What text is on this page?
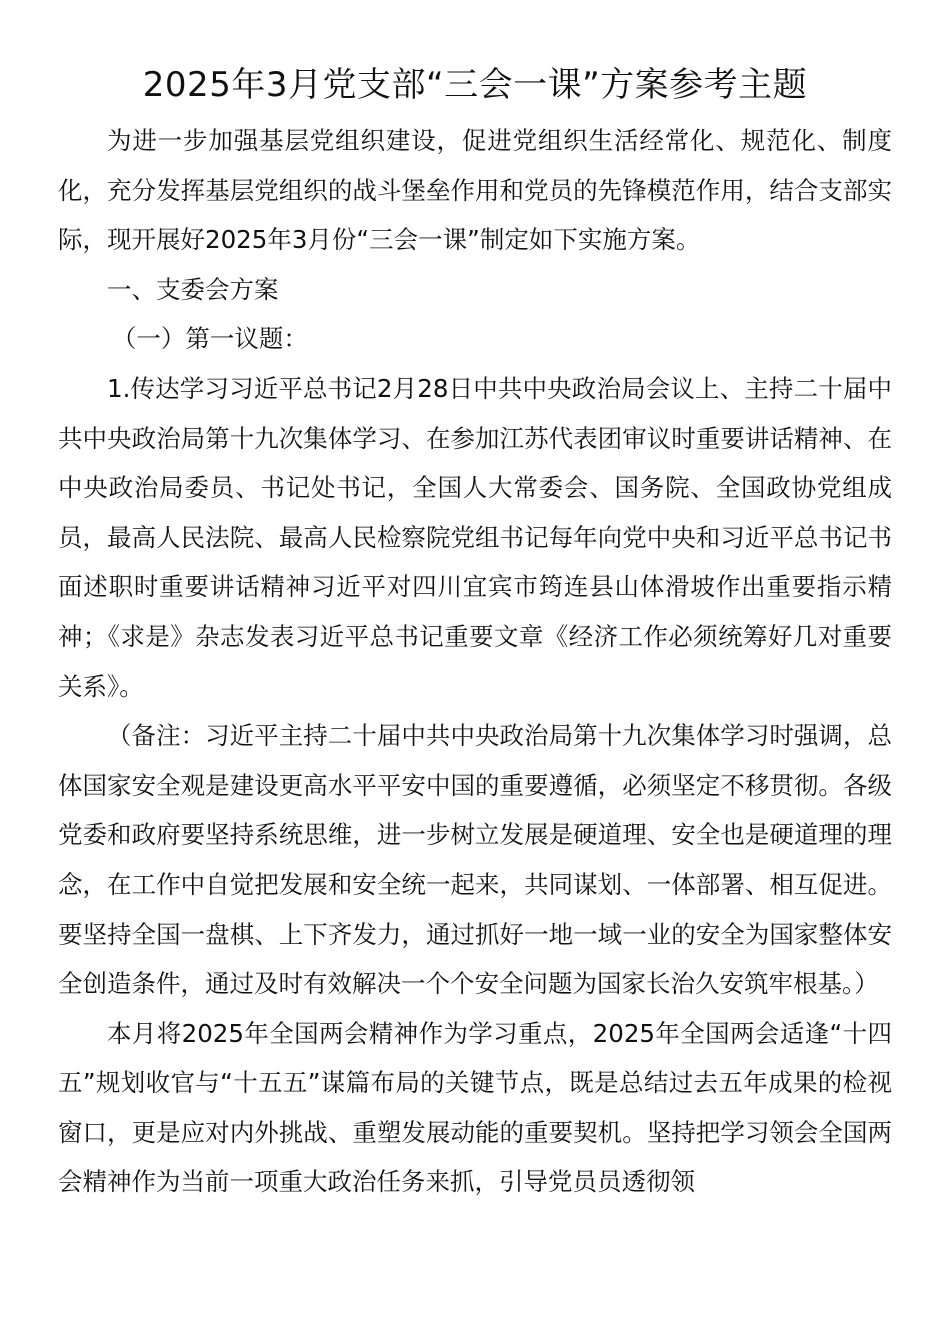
2025年3月党支部“三会一课”方案参考主题

为进一步加强基层党组织建设，促进党组织生活经常化、规范化、制度化，充分发挥基层党组织的战斗堡垒作用和党员的先锋模范作用，结合支部实际，现开展好2025年3月份“三会一课”制定如下实施方案。

一、支委会方案

（一）第一议题：

1.传达学习习近平总书记2月28日中共中央政治局会议上、主持二十届中共中央政治局第十九次集体学习、在参加江苏代表团审议时重要讲话精神、在中央政治局委员、书记处书记，全国人大常委会、国务院、全国政协党组成员，最高人民法院、最高人民检察院党组书记每年向党中央和习近平总书记书面述职时重要讲话精神习近平对四川宜宾市筠连县山体滑坡作出重要指示精神；《求是》杂志发表习近平总书记重要文章《经济工作必须统筹好几对重要关系》。

（备注：习近平主持二十届中共中央政治局第十九次集体学习时强调，总体国家安全观是建设更高水平平安中国的重要遵循，必须坚定不移贯彻。各级党委和政府要坚持系统思维，进一步树立发展是硬道理、安全也是硬道理的理念，在工作中自觉把发展和安全统一起来，共同谋划、一体部署、相互促进。要坚持全国一盘棋、上下齐发力，通过抓好一地一域一业的安全为国家整体安全创造条件，通过及时有效解决一个个安全问题为国家长治久安筑牢根基。）

本月将2025年全国两会精神作为学习重点，2025年全国两会适逢“十四五”规划收官与“十五五”谋篇布局的关键节点，既是总结过去五年成果的检视窗口，更是应对内外挑战、重塑发展动能的重要契机。坚持把学习领会全国两会精神作为当前一项重大政治任务来抓，引导党员员透彻领
